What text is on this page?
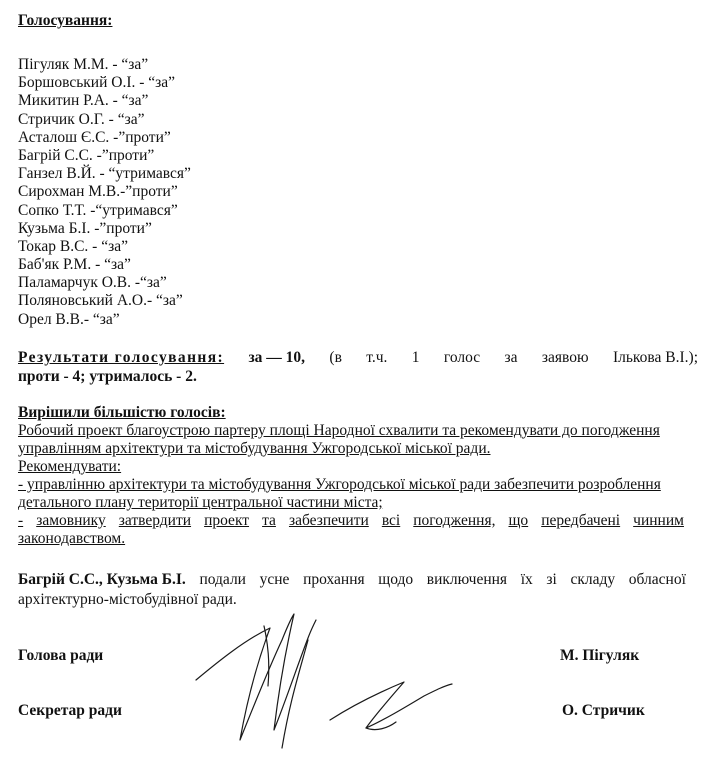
Голосування:
Пігуляк М.М. - “за”
Боршовський О.І. - “за”
Микитин Р.А. - “за”
Стричик О.Г. - “за”
Асталош Є.С. -”проти”
Багрій С.С. -”проти”
Ганзел В.Й. - “утримався”
Сирохман М.В.-”проти”
Сопко Т.Т. -“утримався”
Кузьма Б.І. -”проти”
Токар В.С. - “за”
Баб'як Р.М. - “за”
Паламарчук О.В. -“за”
Поляновський А.О.- “за”
Орел В.В.- “за”
Результати голосування: за — 10, (в т.ч. 1 голос за заявою Ількова В.І.);
проти - 4; утрималось - 2.
Вирішили більшістю голосів:
Робочий проект благоустрою партеру площі Народної схвалити та рекомендувати до погодження
управлінням архітектури та містобудування Ужгородської міської ради.
Рекомендувати:
- управлінню архітектури та містобудування Ужгородської міської ради забезпечити розроблення
детального плану території центральної частини міста;
- замовнику затвердити проект та забезпечити всі погодження, що передбачені чинним
законодавством.
Багрій С.С., Кузьма Б.І. подали усне прохання щодо виключення їх зі складу обласної
архітектурно-містобудівної ради.
Голова ради	М. Пігуляк
Секретар ради	О. Стричик
